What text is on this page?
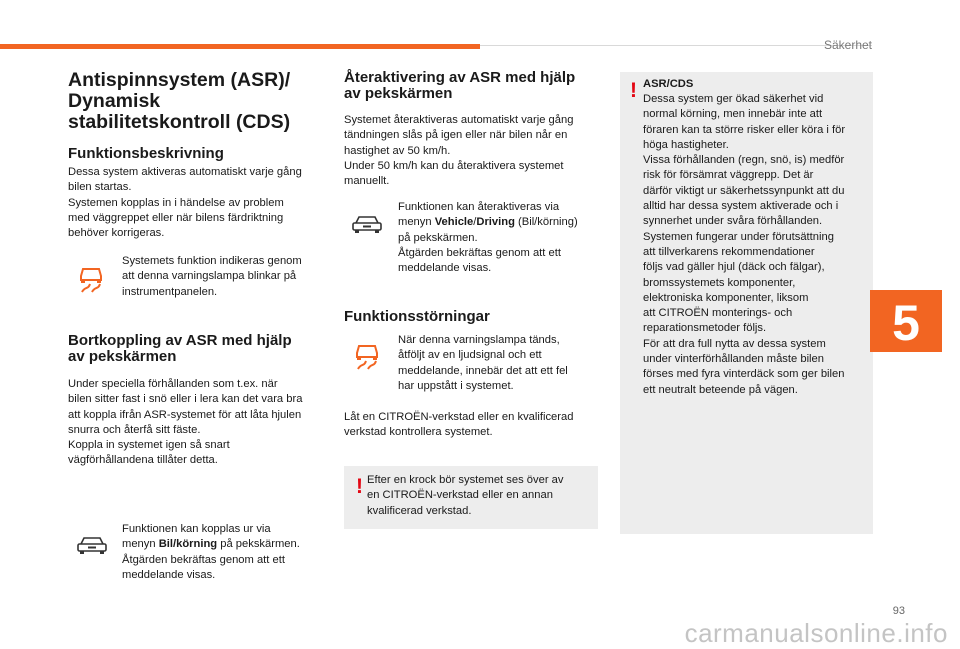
Säkerhet
Antispinnsystem (ASR)/ Dynamisk stabilitetskontroll (CDS)
Funktionsbeskrivning
Dessa system aktiveras automatiskt varje gång
bilen startas.
Systemen kopplas in i händelse av problem
med väggreppet eller när bilens färdriktning
behöver korrigeras.
Systemets funktion indikeras genom
att denna varningslampa blinkar på
instrumentpanelen.
Bortkoppling av ASR med hjälp
av pekskärmen
Under speciella förhållanden som t.ex. när
bilen sitter fast i snö eller i lera kan det vara bra
att koppla ifrån ASR-systemet för att låta hjulen
snurra och återfå sitt fäste.
Koppla in systemet igen så snart
vägförhållandena tillåter detta.
Funktionen kan kopplas ur via
menyn Bil/körning på pekskärmen.
Åtgärden bekräftas genom att ett
meddelande visas.
Återaktivering av ASR med hjälp
av pekskärmen
Systemet återaktiveras automatiskt varje gång
tändningen slås på igen eller när bilen når en
hastighet av 50 km/h.
Under 50 km/h kan du återaktivera systemet
manuellt.
Funktionen kan återaktiveras via
menyn Vehicle/Driving (Bil/körning)
på pekskärmen.
Åtgärden bekräftas genom att ett
meddelande visas.
Funktionsstörningar
När denna varningslampa tänds,
åtföljt av en ljudsignal och ett
meddelande, innebär det att ett fel
har uppstått i systemet.
Låt en CITROËN-verkstad eller en kvalificerad
verkstad kontrollera systemet.
! Efter en krock bör systemet ses över av
en CITROËN-verkstad eller en annan
kvalificerad verkstad.
! ASR/CDS
Dessa system ger ökad säkerhet vid
normal körning, men innebär inte att
föraren kan ta större risker eller köra i för
höga hastigheter.
Vissa förhållanden (regn, snö, is) medför
risk för försämrat väggrepp. Det är
därför viktigt ur säkerhetssynpunkt att du
alltid har dessa system aktiverade och i
synnerhet under svåra förhållanden.
Systemen fungerar under förutsättning
att tillverkarens rekommendationer
följs vad gäller hjul (däck och fälgar),
bromssystemets komponenter,
elektroniska komponenter, liksom
att CITROËN monterings- och
reparationsmetoder följs.
För att dra full nytta av dessa system
under vinterförhållanden måste bilen
förses med fyra vinterdäck som ger bilen
ett neutralt beteende på vägen.
5
93
carmanualsonline.info
